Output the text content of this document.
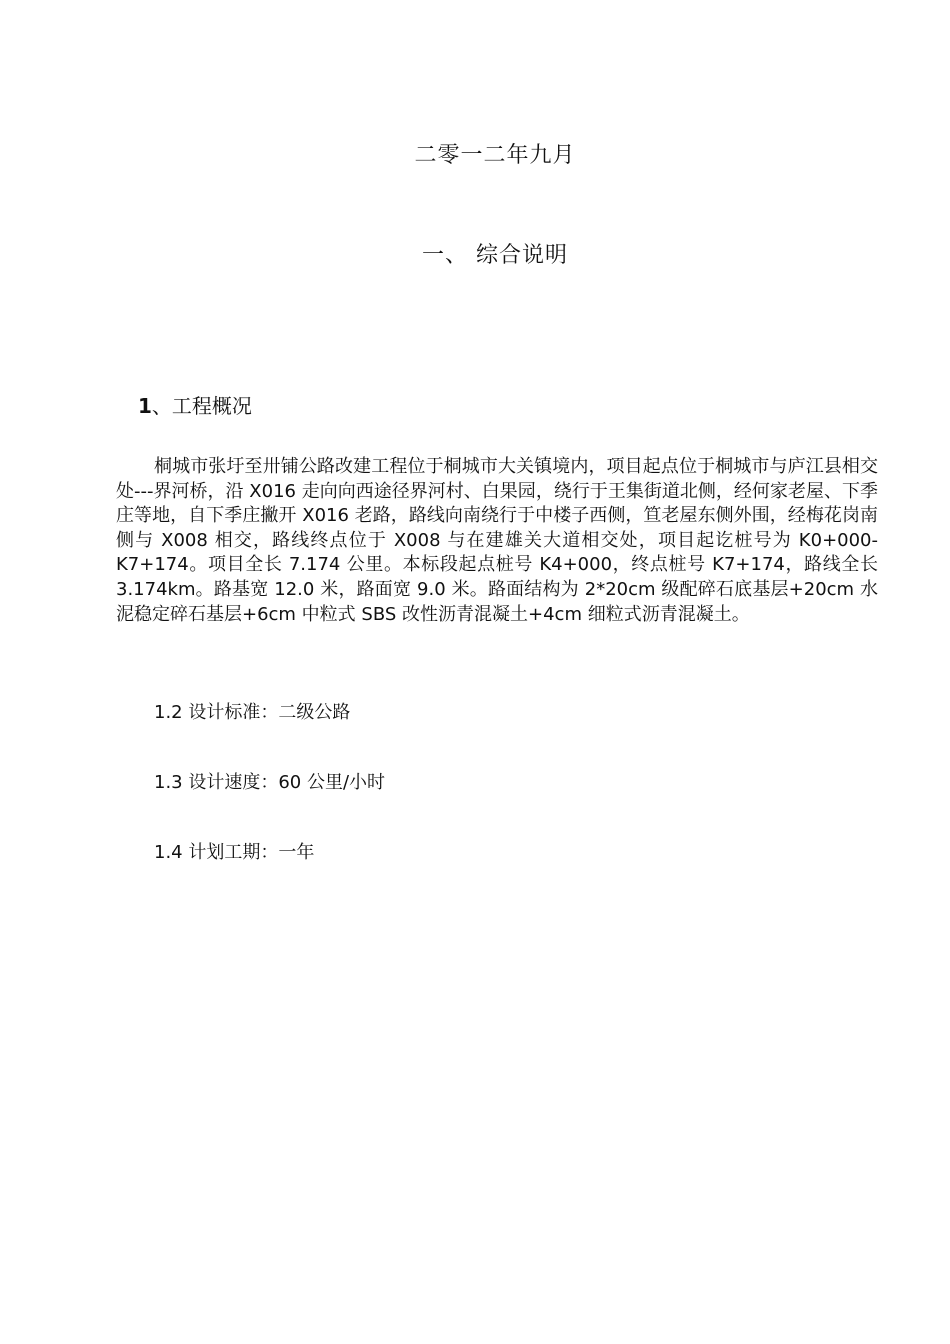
二零一二年九月
一、 综合说明
1、工程概况

桐城市张圩至卅铺公路改建工程位于桐城市大关镇境内，项目起点位于桐城市与庐江县相交处---界河桥，沿 X016 走向向西途径界河村、白果园，绕行于王集街道北侧，经何家老屋、下季庄等地，自下季庄撇开 X016 老路，路线向南绕行于中楼子西侧，笪老屋东侧外围，经梅花岗南侧与 X008 相交，路线终点位于 X008 与在建雄关大道相交处，项目起讫桩号为 K0+000-K7+174。项目全长 7.174 公里。本标段起点桩号 K4+000，终点桩号 K7+174，路线全长 3.174km。路基宽 12.0 米，路面宽 9.0 米。路面结构为 2*20cm 级配碎石底基层+20cm 水泥稳定碎石基层+6cm 中粒式 SBS 改性沥青混凝土+4cm 细粒式沥青混凝土。

1.2 设计标准：二级公路
1.3 设计速度：60 公里/小时
1.4 计划工期：一年
